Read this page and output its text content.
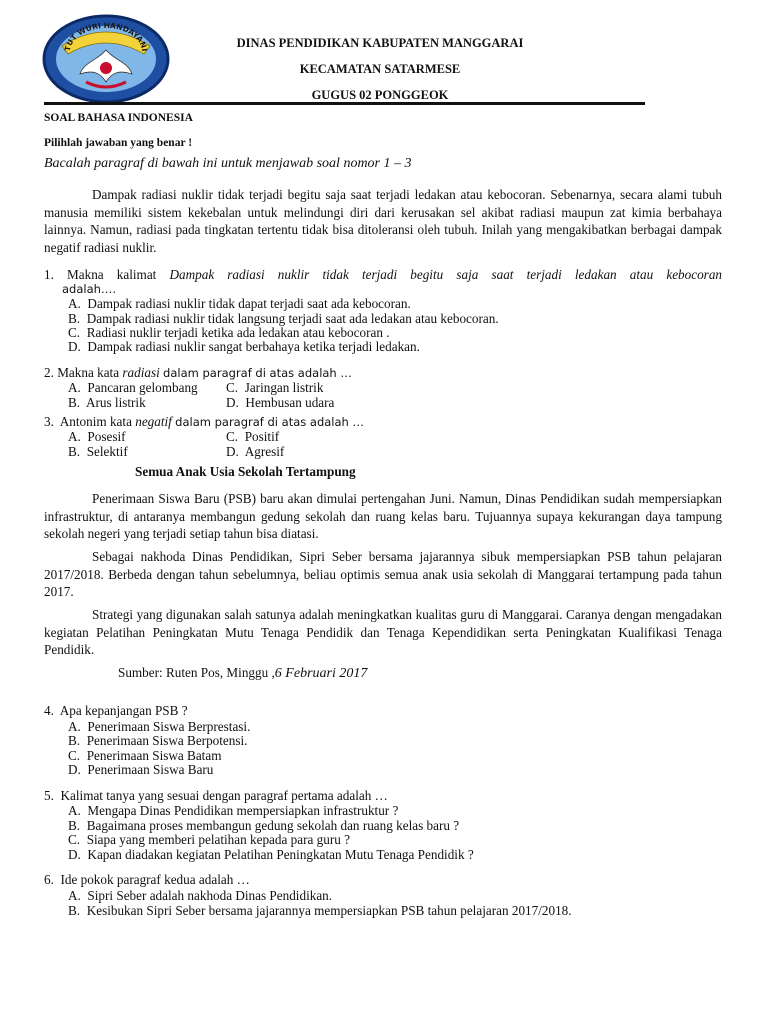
TUT WURI HANDAYANI	DINAS PENDIDIKAN KABUPATEN MANGGARAI
KECAMATAN SATARMESE
GUGUS 02 PONGGEOK
SOAL BAHASA INDONESIA
Pilihlah jawaban yang benar !
Bacalah paragraf di bawah ini untuk menjawab soal nomor 1 – 3
Dampak radiasi nuklir tidak terjadi begitu saja saat terjadi ledakan atau kebocoran. Sebenarnya, secara alami tubuh manusia memiliki sistem kekebalan untuk melindungi diri dari kerusakan sel akibat radiasi maupun zat kimia berbahaya lainnya. Namun, radiasi pada tingkatan tertentu tidak bisa ditoleransi oleh tubuh. Inilah yang mengakibatkan berbagai dampak negatif radiasi nuklir.
1. Makna kalimat Dampak radiasi nuklir tidak terjadi begitu saja saat terjadi ledakan atau kebocoran
adalah….
A. Dampak radiasi nuklir tidak dapat terjadi saat ada kebocoran.
B. Dampak radiasi nuklir tidak langsung terjadi saat ada ledakan atau kebocoran.
C. Radiasi nuklir terjadi ketika ada ledakan atau kebocoran .
D. Dampak radiasi nuklir sangat berbahaya ketika terjadi ledakan.
2. Makna kata radiasi dalam paragraf di atas adalah …
A. Pancaran gelombang C. Jaringan listrik
B. Arus listrik	D. Hembusan udara
3. Antonim kata negatif dalam paragraf di atas adalah …
A. Posesif	C. Positif
B. Selektif	D. Agresif
Semua Anak Usia Sekolah Tertampung
Penerimaan Siswa Baru (PSB) baru akan dimulai pertengahan Juni. Namun, Dinas Pendidikan sudah mempersiapkan infrastruktur, di antaranya membangun gedung sekolah dan ruang kelas baru. Tujuannya supaya kekurangan daya tampung sekolah negeri yang terjadi setiap tahun bisa diatasi.
Sebagai nakhoda Dinas Pendidikan, Sipri Seber bersama jajarannya sibuk mempersiapkan PSB tahun pelajaran 2017/2018. Berbeda dengan tahun sebelumnya, beliau optimis semua anak usia sekolah di Manggarai tertampung pada tahun 2017.
Strategi yang digunakan salah satunya adalah meningkatkan kualitas guru di Manggarai. Caranya dengan mengadakan kegiatan Pelatihan Peningkatan Mutu Tenaga Pendidik dan Tenaga Kependidikan serta Peningkatan Kualifikasi Tenaga Pendidik.
Sumber: Ruten Pos, Minggu ,6 Februari 2017
4. Apa kepanjangan PSB ?
A. Penerimaan Siswa Berprestasi.
B. Penerimaan Siswa Berpotensi.
C. Penerimaan Siswa Batam
D. Penerimaan Siswa Baru
5. Kalimat tanya yang sesuai dengan paragraf pertama adalah …
A. Mengapa Dinas Pendidikan mempersiapkan infrastruktur ?
B. Bagaimana proses membangun gedung sekolah dan ruang kelas baru ?
C. Siapa yang memberi pelatihan kepada para guru ?
D. Kapan diadakan kegiatan Pelatihan Peningkatan Mutu Tenaga Pendidik ?
6. Ide pokok paragraf kedua adalah …
A. Sipri Seber adalah nakhoda Dinas Pendidikan.
B. Kesibukan Sipri Seber bersama jajarannya mempersiapkan PSB tahun pelajaran 2017/2018.
